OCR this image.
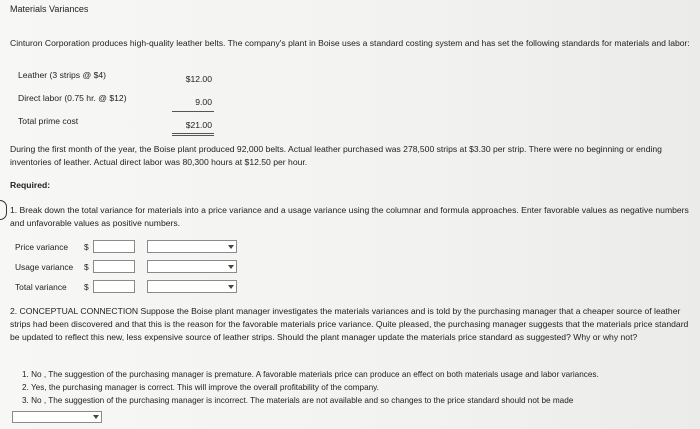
Materials Variances
Cinturon Corporation produces high-quality leather belts. The company's plant in Boise uses a standard costing system and has set the following standards for materials and labor:
Leather (3 strips @ $4)	$12.00
Direct labor (0.75 hr. @ $12)	9.00
Total prime cost	$21.00
During the first month of the year, the Boise plant produced 92,000 belts. Actual leather purchased was 278,500 strips at $3.30 per strip. There were no beginning or ending inventories of leather. Actual direct labor was 80,300 hours at $12.50 per hour.
Required:
1. Break down the total variance for materials into a price variance and a usage variance using the columnar and formula approaches. Enter favorable values as negative numbers and unfavorable values as positive numbers.
Price variance $
Usage variance $
Total variance $
2. CONCEPTUAL CONNECTION Suppose the Boise plant manager investigates the materials variances and is told by the purchasing manager that a cheaper source of leather strips had been discovered and that this is the reason for the favorable materials price variance. Quite pleased, the purchasing manager suggests that the materials price standard be updated to reflect this new, less expensive source of leather strips. Should the plant manager update the materials price standard as suggested? Why or why not?
1. No , The suggestion of the purchasing manager is premature. A favorable materials price can produce an effect on both materials usage and labor variances.
2. Yes, the purchasing manager is correct. This will improve the overall profitability of the company.
3. No , The suggestion of the purchasing manager is incorrect. The materials are not available and so changes to the price standard should not be made
